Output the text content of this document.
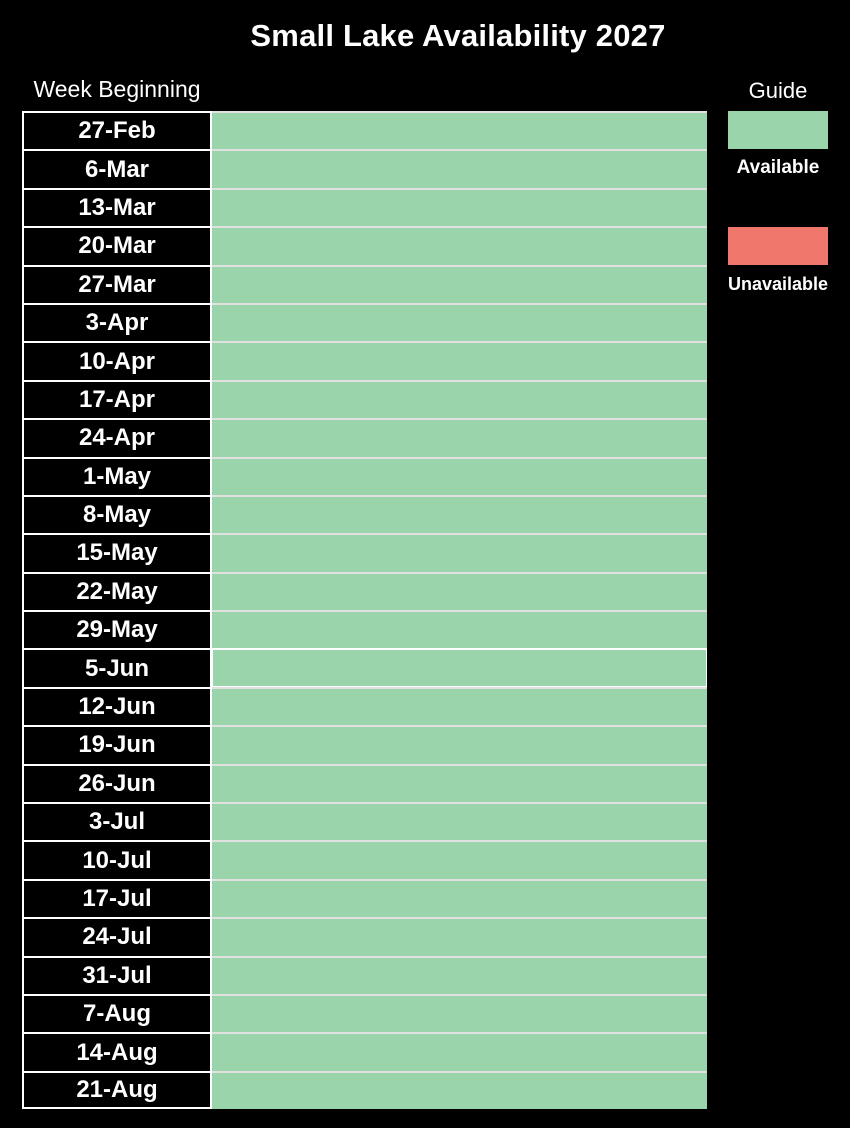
Small Lake Availability 2027
Week Beginning
27-Feb
6-Mar
13-Mar
20-Mar
27-Mar
3-Apr
10-Apr
17-Apr
24-Apr
1-May
8-May
15-May
22-May
29-May
5-Jun
12-Jun
19-Jun
26-Jun
3-Jul
10-Jul
17-Jul
24-Jul
31-Jul
7-Aug
14-Aug
21-Aug
Guide
Available
Unavailable
